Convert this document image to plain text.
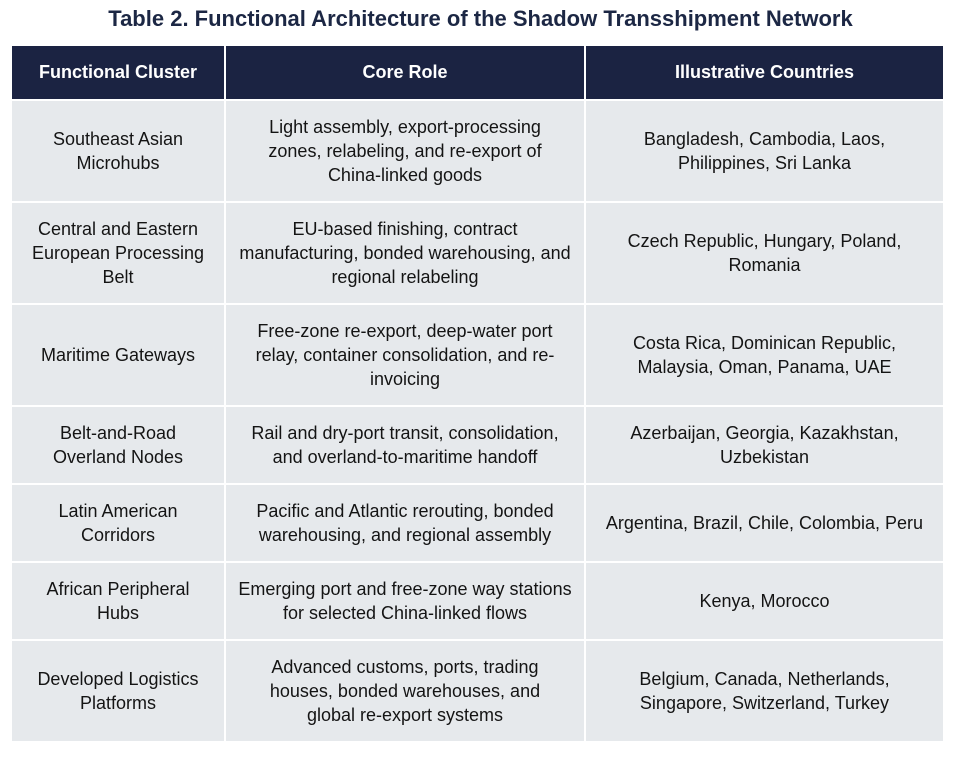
Table 2. Functional Architecture of the Shadow Transshipment Network
Functional Cluster	Core Role	Illustrative Countries

Southeast Asian Microhubs	Light assembly, export-processing zones, relabeling, and re-export of China-linked goods	Bangladesh, Cambodia, Laos, Philippines, Sri Lanka

Central and Eastern European Processing Belt	EU-based finishing, contract manufacturing, bonded warehousing, and regional relabeling	Czech Republic, Hungary, Poland, Romania

Maritime Gateways	Free-zone re-export, deep-water port relay, container consolidation, and re-invoicing	Costa Rica, Dominican Republic, Malaysia, Oman, Panama, UAE

Belt-and-Road Overland Nodes	Rail and dry-port transit, consolidation, and overland-to-maritime handoff	Azerbaijan, Georgia, Kazakhstan, Uzbekistan

Latin American Corridors	Pacific and Atlantic rerouting, bonded warehousing, and regional assembly	Argentina, Brazil, Chile, Colombia, Peru

African Peripheral Hubs	Emerging port and free-zone way stations for selected China-linked flows	Kenya, Morocco

Developed Logistics Platforms	Advanced customs, ports, trading houses, bonded warehouses, and global re-export systems	Belgium, Canada, Netherlands, Singapore, Switzerland, Turkey
